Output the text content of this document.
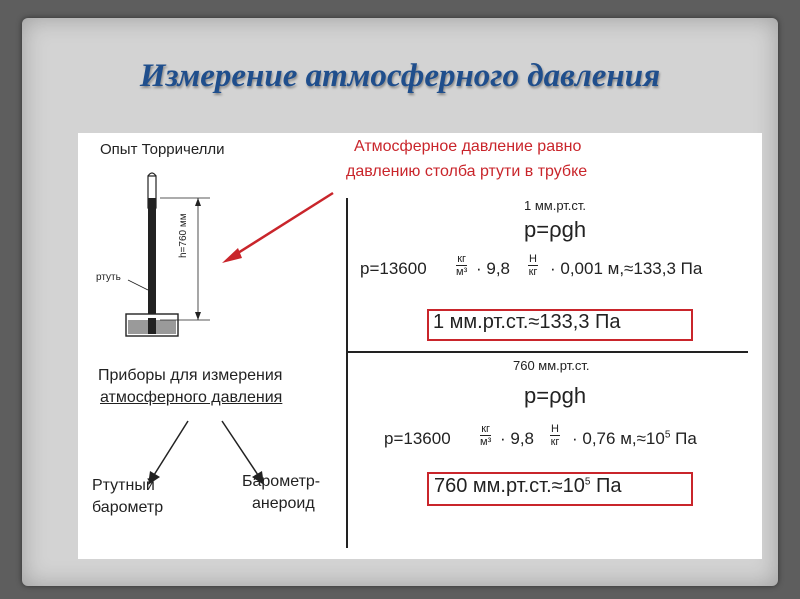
Измерение атмосферного давления
Опыт Торричелли
ртуть
h=760 мм
Атмосферное давление равно
давлению столба ртути в трубке
1 мм.рт.ст.
p=ρgh
p=13600	кг
м³ · 9,8 Н
кг · 0,001 м,≈133,3 Па
1 мм.рт.ст.≈133,3 Па
760 мм.рт.ст.
p=ρgh
p=13600	кг
м³ · 9,8 Н
кг · 0,76 $м,\approx 10^5$ Па
760 $мм.рт.ст.\approx 10^5$ Па
Приборы для измерения
атмосферного давления
Ртутный
барометр
Барометр-
анероид
